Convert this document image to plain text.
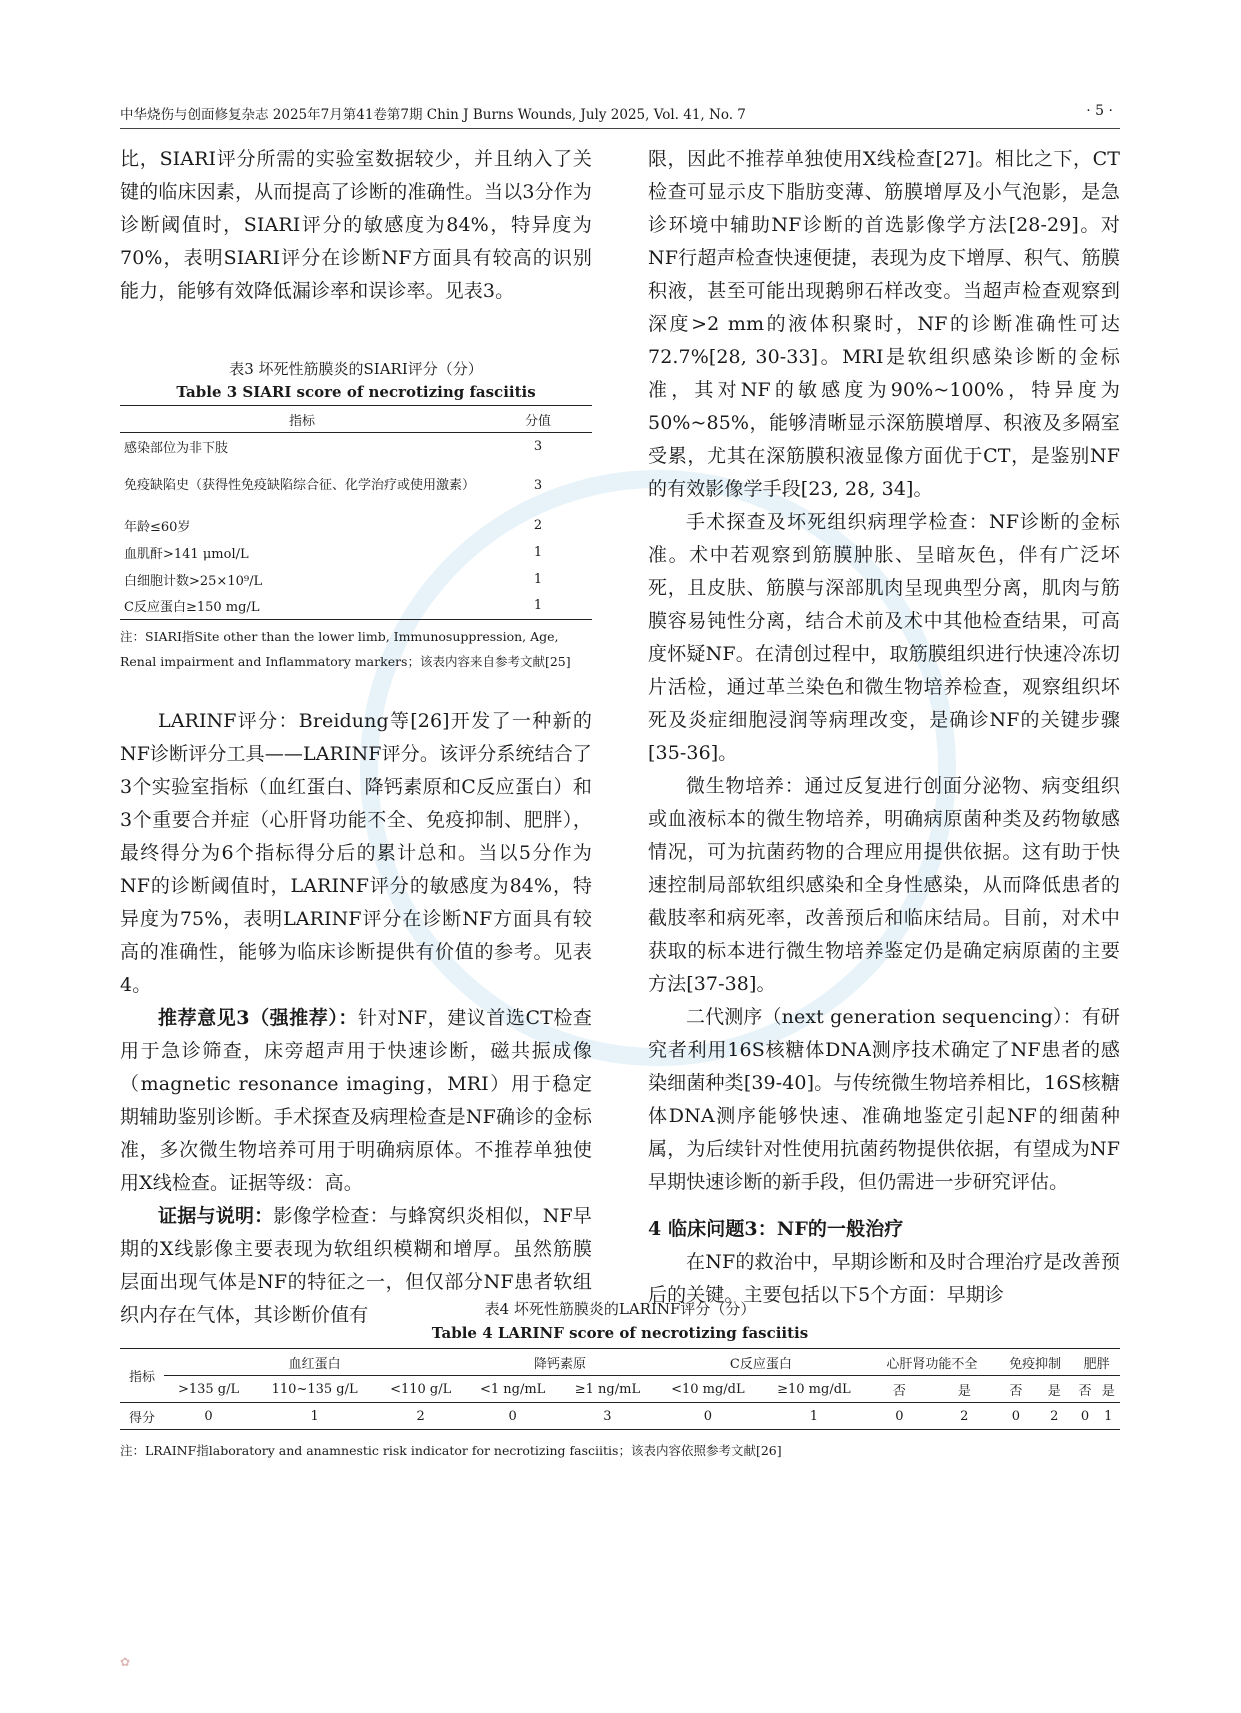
中华烧伤与创面修复杂志 2025年7月第41卷第7期 Chin J Burns Wounds, July 2025, Vol. 41, No. 7	· 5 ·

比，SIARI评分所需的实验室数据较少，并且纳入了关键的临床因素，从而提高了诊断的准确性。当以3分作为诊断阈值时，SIARI评分的敏感度为84%，特异度为70%，表明SIARI评分在诊断NF方面具有较高的识别能力，能够有效降低漏诊率和误诊率。见表3。

表3 坏死性筋膜炎的SIARI评分（分）
Table 3 SIARI score of necrotizing fasciitis
指标	分值
感染部位为非下肢	3
免疫缺陷史（获得性免疫缺陷综合征、化学治疗或使用激素）	3
年龄≤60岁	2
血肌酐>141 μmol/L	1
白细胞计数>25×10⁹/L	1
C反应蛋白≥150 mg/L	1
注：SIARI指Site other than the lower limb, Immunosuppression, Age, Renal impairment and Inflammatory markers；该表内容来自参考文献[25]

LARINF评分：Breidung等[26]开发了一种新的NF诊断评分工具——LARINF评分。该评分系统结合了3个实验室指标（血红蛋白、降钙素原和C反应蛋白）和3个重要合并症（心肝肾功能不全、免疫抑制、肥胖），最终得分为6个指标得分后的累计总和。当以5分作为NF的诊断阈值时，LARINF评分的敏感度为84%，特异度为75%，表明LARINF评分在诊断NF方面具有较高的准确性，能够为临床诊断提供有价值的参考。见表4。

推荐意见3（强推荐）：针对NF，建议首选CT检查用于急诊筛查，床旁超声用于快速诊断，磁共振成像（magnetic resonance imaging，MRI）用于稳定期辅助鉴别诊断。手术探查及病理检查是NF确诊的金标准，多次微生物培养可用于明确病原体。不推荐单独使用X线检查。证据等级：高。

证据与说明：影像学检查：与蜂窝织炎相似，NF早期的X线影像主要表现为软组织模糊和增厚。虽然筋膜层面出现气体是NF的特征之一，但仅部分NF患者软组织内存在气体，其诊断价值有

限，因此不推荐单独使用X线检查[27]。相比之下，CT检查可显示皮下脂肪变薄、筋膜增厚及小气泡影，是急诊环境中辅助NF诊断的首选影像学方法[28-29]。对NF行超声检查快速便捷，表现为皮下增厚、积气、筋膜积液，甚至可能出现鹅卵石样改变。当超声检查观察到深度>2 mm的液体积聚时，NF的诊断准确性可达72.7%[28, 30-33]。MRI是软组织感染诊断的金标准，其对NF的敏感度为90%~100%，特异度为50%~85%，能够清晰显示深筋膜增厚、积液及多隔室受累，尤其在深筋膜积液显像方面优于CT，是鉴别NF的有效影像学手段[23, 28, 34]。

手术探查及坏死组织病理学检查：NF诊断的金标准。术中若观察到筋膜肿胀、呈暗灰色，伴有广泛坏死，且皮肤、筋膜与深部肌肉呈现典型分离，肌肉与筋膜容易钝性分离，结合术前及术中其他检查结果，可高度怀疑NF。在清创过程中，取筋膜组织进行快速冷冻切片活检，通过革兰染色和微生物培养检查，观察组织坏死及炎症细胞浸润等病理改变，是确诊NF的关键步骤[35-36]。

微生物培养：通过反复进行创面分泌物、病变组织或血液标本的微生物培养，明确病原菌种类及药物敏感情况，可为抗菌药物的合理应用提供依据。这有助于快速控制局部软组织感染和全身性感染，从而降低患者的截肢率和病死率，改善预后和临床结局。目前，对术中获取的标本进行微生物培养鉴定仍是确定病原菌的主要方法[37-38]。

二代测序（next generation sequencing）：有研究者利用16S核糖体DNA测序技术确定了NF患者的感染细菌种类[39-40]。与传统微生物培养相比，16S核糖体DNA测序能够快速、准确地鉴定引起NF的细菌种属，为后续针对性使用抗菌药物提供依据，有望成为NF早期快速诊断的新手段，但仍需进一步研究评估。

4 临床问题3：NF的一般治疗

在NF的救治中，早期诊断和及时合理治疗是改善预后的关键。主要包括以下5个方面：早期诊

表4 坏死性筋膜炎的LARINF评分（分）
Table 4 LARINF score of necrotizing fasciitis
指标	血红蛋白			降钙素原		C反应蛋白		心肝肾功能不全		免疫抑制		肥胖	
	>135 g/L	110~135 g/L	<110 g/L	<1 ng/mL	≥1 ng/mL	<10 mg/dL	≥10 mg/dL	否	是	否	是	否	是
得分	0	1	2	0	3	0	1	0	2	0	2	0	1
注：LRAINF指laboratory and anamnestic risk indicator for necrotizing fasciitis；该表内容依照参考文献[26]
✿
